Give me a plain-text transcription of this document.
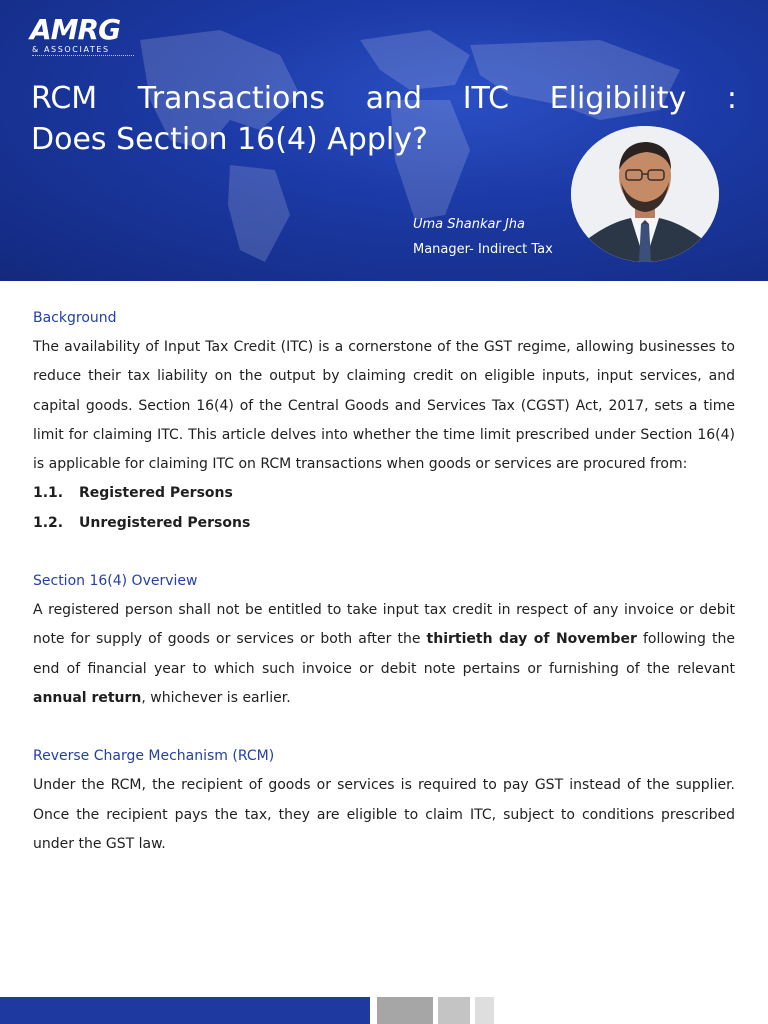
AMRG
& ASSOCIATES
RCM Transactions and ITC Eligibility :
Does Section 16(4) Apply?
Uma Shankar Jha
Manager- Indirect Tax
Background

The availability of Input Tax Credit (ITC) is a cornerstone of the GST regime, allowing businesses to reduce their tax liability on the output by claiming credit on eligible inputs, input services, and capital goods. Section 16(4) of the Central Goods and Services Tax (CGST) Act, 2017, sets a time limit for claiming ITC. This article delves into whether the time limit prescribed under Section 16(4) is applicable for claiming ITC on RCM transactions when goods or services are procured from:

1.1.	Registered Persons
1.2.	Unregistered Persons
Section 16(4) Overview

A registered person shall not be entitled to take input tax credit in respect of any invoice or debit note for supply of goods or services or both after the thirtieth day of November following the end of financial year to which such invoice or debit note pertains or furnishing of the relevant annual return, whichever is earlier.

Reverse Charge Mechanism (RCM)

Under the RCM, the recipient of goods or services is required to pay GST instead of the supplier. Once the recipient pays the tax, they are eligible to claim ITC, subject to conditions prescribed under the GST law.
